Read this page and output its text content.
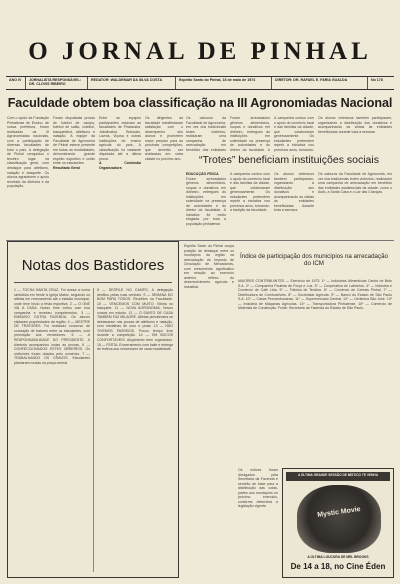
O JORNAL DE PINHAL
ANO IV	JORNALISTA RESPONSÁVEL: DR. CLOVIS RIBEIRO
REDATOR: WALDEMAR DA SILVA COSTA	Espírito Santo do Pinhal, 18 de maio de 1974	DIRETOR: DR. RAFAEL E. FARIA GUALDA	No 178
Faculdade obtem boa classificação na III Agronomiadas Nacional
Com o apoio da Fundação Pinhalense de Ensino, de nossa prefeitura, foram realizadas as III Agronomiadas nacionais, com a participação de diversas faculdades de todo o país. A delegação de Pinhal conquistou o terceiro lugar na classificação geral, com destaque para atletismo, natação e basquete. Os alunos agradecem o apoio recebido da diretoria e da população.
Foram disputadas provas de futebol de campo, futebol de salão, voleibol, basquetebol, atletismo e natação. A equipe da Faculdade de Agronomia de Pinhal esteve presente em todas as modalidades, demonstrando grande espírito esportivo e união entre os estudantes.
Resultado Geral
Entre as equipes participantes estavam as faculdades de Piracicaba, Jaboticabal, Botucatu, Lavras, Viçosa e outras instituições de ensino agrícola do país. A classificação foi bastante disputada até a última prova.
A Comissão Organizadora
Os dirigentes da faculdade manifestaram satisfação com o desempenho dos alunos e prometem maior preparo para as próximas competições, que deverão ser realizadas em outra cidade no próximo ano.	“Trotes” beneficiam instituições sociais
Os calouros da Faculdade de Agronomia, em vez dos tradicionais trotes violentos, realizaram uma campanha de arrecadação em benefício das entidades
Foram arrecadados gêneros alimentícios, roupas e donativos em dinheiro, entregues às instituições em solenidade na presença de autoridades e do diretor da faculdade. A
A campanha contou com o apoio do comércio local e das famílias da cidade, que colaboraram generosamente. Os estudantes pretendem repetir a iniciativa nos próximos anos, tornando-
Os alunos veteranos também participaram, organizando a distribuição dos donativos e acompanhando as visitas às entidades beneficiadas durante toda a semana.
EDUCAÇÃO FÍSICA
Foram arrecadados gêneros alimentícios, roupas e donativos em dinheiro, entregues às instituições em solenidade na presença de autoridades e do diretor da faculdade. A iniciativa foi muito elogiada por toda a população pinhalense.
A campanha contou com o apoio do comércio local e das famílias da cidade, que colaboraram generosamente. Os estudantes pretendem repetir a iniciativa nos próximos anos, tornando-a tradição da faculdade.
Os alunos veteranos também participaram, organizando a distribuição dos donativos e acompanhando as visitas às entidades beneficiadas durante toda a semana.
Os calouros da Faculdade de Agronomia, em vez dos tradicionais trotes violentos, realizaram uma campanha de arrecadação em benefício das entidades assistenciais da cidade, como o Asilo, a Santa Casa e o Lar das Crianças.
Notas dos Bastidores
1 — TOCHA SANTA CRUZ. Foi acesa a tocha simbólica em frente à Igreja Matriz, seguindo os atletas em revezamento até o estádio municipal, onde teve início a festa esportiva. 2 — O ONE VAI A CASA. Nosso time voltou com boa campanha e recebeu cumprimentos. 3 — EMBAIXO OUTRA FAZENDA. Os alunos visitaram propriedades da região. 4 — MESTRE DE TRATORES. Foi realizado concurso de condução de tratores entre os estudantes, com premiação aos vencedores. 5 — A RESPONSABILIDADE DO PRESIDENTE. A diretoria acompanhou todas as provas. 6 — CONFECCIONADOS ESTES OBREIROS. Os uniformes foram doados pelo comércio. 7 — TRABALHANDO OS CRAVOS. Estudantes plantaram mudas na praça central.
8 — DESFILE NO CAMPO. A delegação desfilou pelas ruas centrais. 9 — SEMANA DO BOM PARA TODOS. Reuniões na Faculdade. 10 — VENCEMOS COM MUITO. Vitória no basquete. 11 — NOVA AGRONOMIA. Novos cursos em estudo. 12 — O SANTO DE CASA TAMBÉM FAZ MILAGRE. Atletas pinhalenses se destacaram nas provas de atletismo e natação, com medalhas de ouro e prata. 13 — NÃO TIVEMOS PASSEIOS. Pouco tempo livre durante a competição. 14 — EM BOCOS CONFORTÁVEIS. Alojamento bem organizado. 15 — FESTA. Encerramento com baile e entrega de troféus aos vencedores de cada modalidade.
Espírito Santo do Pinhal ocupa posição de destaque entre os municípios da região na arrecadação do Imposto de Circulação de Mercadorias, com crescimento significativo em relação ao exercício anterior, reflexo do desenvolvimento agrícola e industrial.
Índice de participação dos municípios na arrecadação do ICM
MAIORES CONTRIBUINTES — Exercício de 1973. 1º — Indústrias Alimentícias Carlos de Brito S.A. 2º — Companhia Paulista de Força e Luz. 3º — Cooperativa de Laticínios. 4º — Indústria e Comércio de Café Ltda. 5º — Fábrica de Tecidos. 6º — Comércio de Cereais Pinhal. 7º — Distribuidora de Combustíveis. 8º — Sociedade Agrícola. 9º — Banco do Estado de São Paulo S.A. 10º — Casas Pernambucanas. 11º — Supermercado Central. 12º — Cerâmica São José. 13º — Indústria de Máquinas Agrícolas. 14º — Transportadora Pinhalense. 15º — Comércio de Materiais de Construção. Fonte: Secretaria da Fazenda do Estado de São Paulo.
Os índices foram divulgados pela Secretaria da Fazenda e servirão de base para a distribuição das cotas-partes aos municípios no próximo exercício, conforme determina a legislação vigente.
A ÚLTIMA GRANDE SESSÃO DE MÍSTICO TE VENHA
Mystic Movie
A ÚLTIMA LOUCURA DE MEL BROOKS
De 14 a 18, no Cine Éden
